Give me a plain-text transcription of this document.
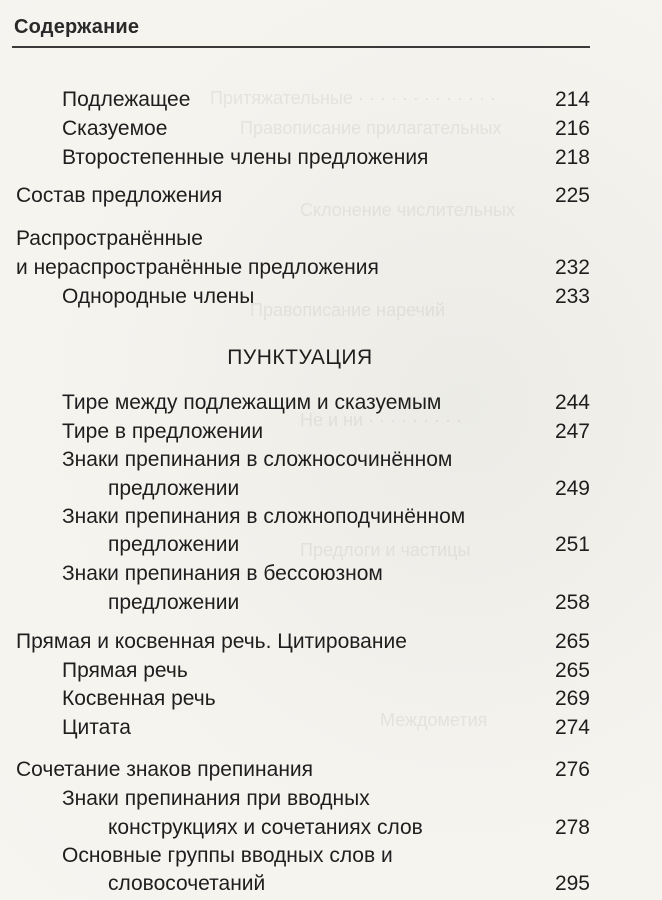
Притяжательные · · · · · · · · · · · · ·
Правописание прилагательных
Склонение числительных
Правописание наречий
Не и ни · · · · · · · · ·
Предлоги и частицы
Междометия
Содержание
Подлежащее	214
Сказуемое	216
Второстепенные члены предложения	218
Состав предложения	225
Распространённые
и нераспространённые предложения	232
Однородные члены	233
ПУНКТУАЦИЯ
Тире между подлежащим и сказуемым	244
Тире в предложении	247
Знаки препинания в сложносочинённом
предложении	249
Знаки препинания в сложноподчинённом
предложении	251
Знаки препинания в бессоюзном
предложении	258
Прямая и косвенная речь. Цитирование	265
Прямая речь	265
Косвенная речь	269
Цитата	274
Сочетание знаков препинания	276
Знаки препинания при вводных
конструкциях и сочетаниях слов	278
Основные группы вводных слов и
словосочетаний	295
